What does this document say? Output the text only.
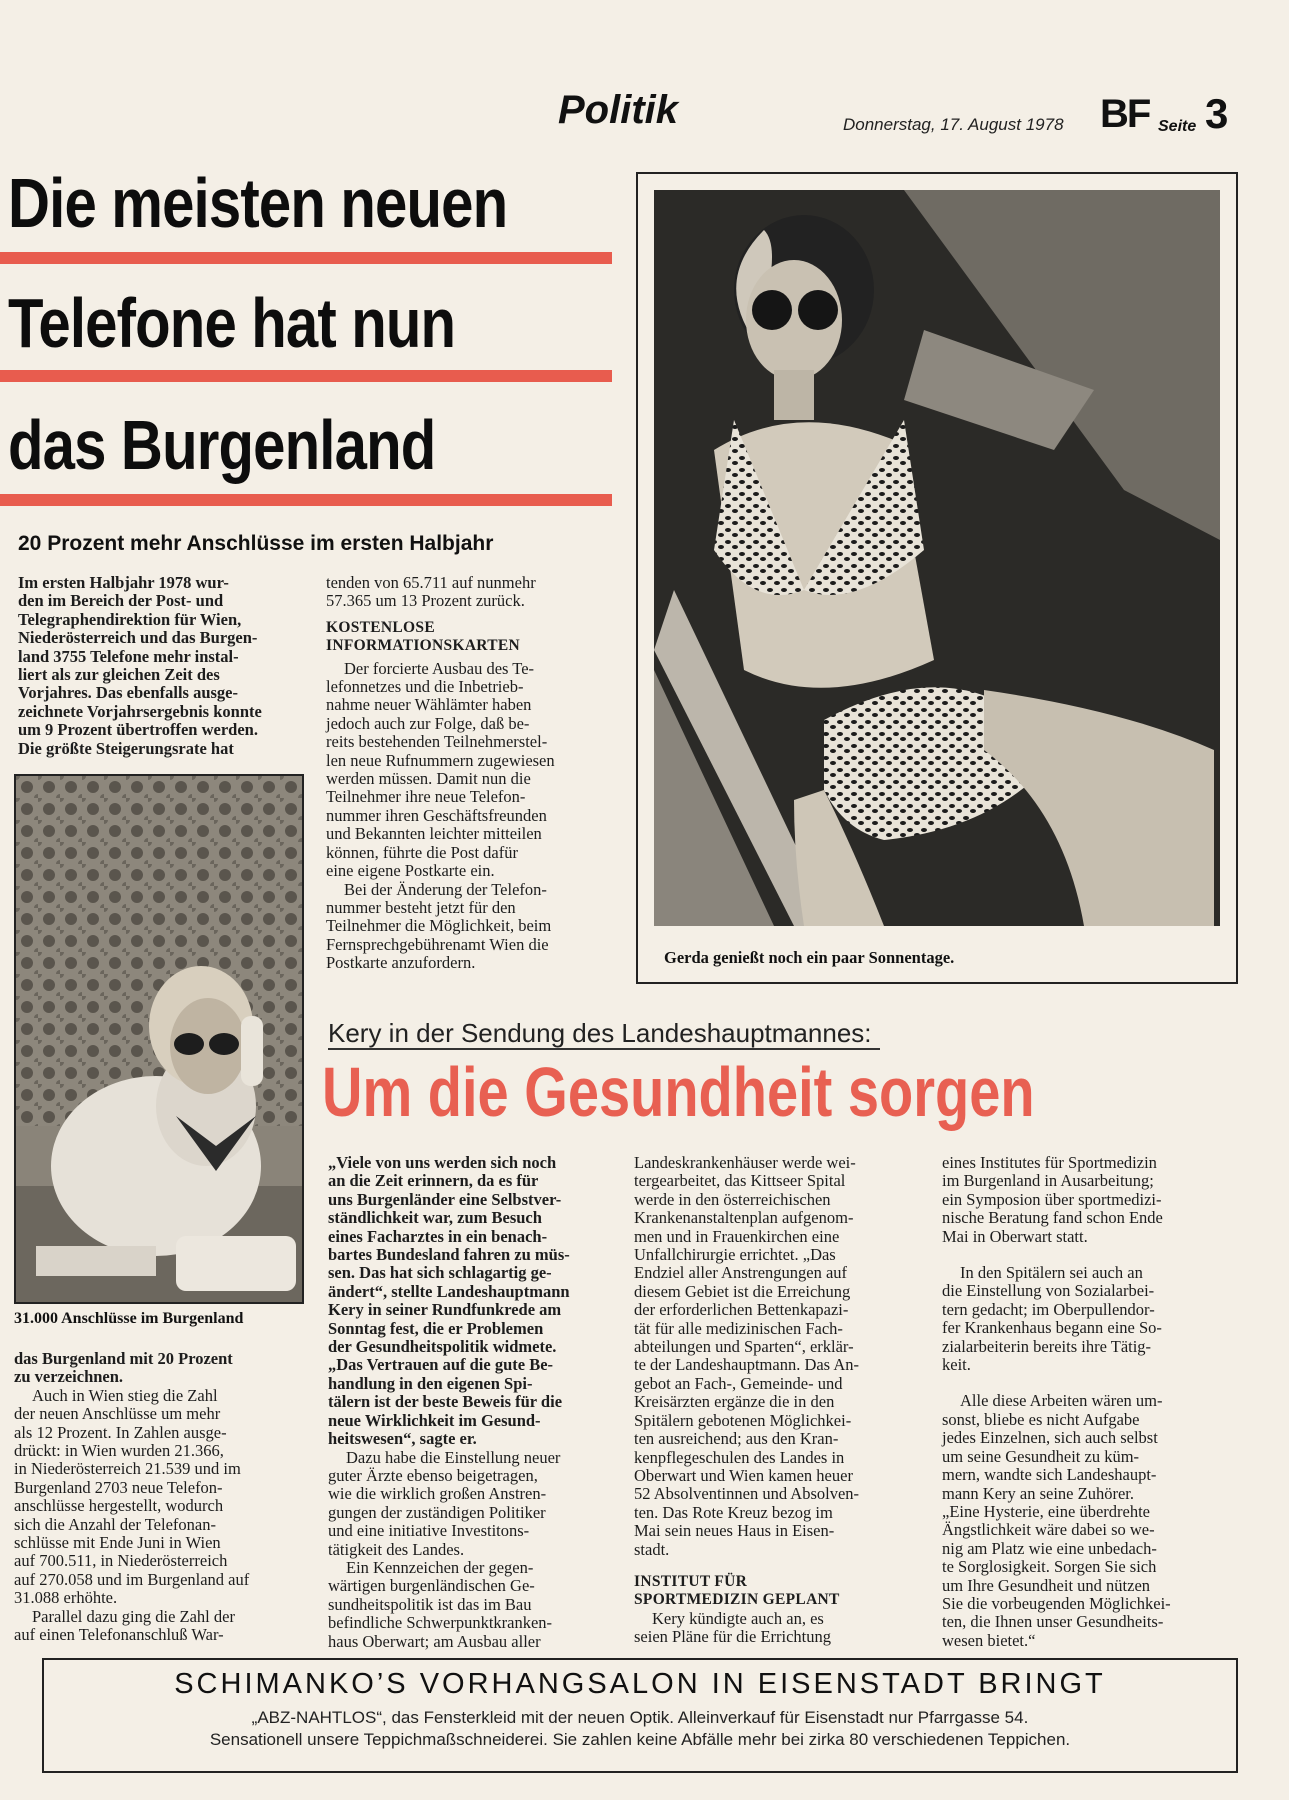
Politik	Donnerstag, 17. August 1978 BF Seite 3
Die meisten neuen
Telefone hat nun
das Burgenland
20 Prozent mehr Anschlüsse im ersten Halbjahr

Im ersten Halbjahr 1978 wur-

den im Bereich der Post- und

Telegraphendirektion für Wien,

Niederösterreich und das Burgen-

land 3755 Telefone mehr instal-

liert als zur gleichen Zeit des

Vorjahres. Das ebenfalls ausge-

zeichnete Vorjahrsergebnis konnte

um 9 Prozent übertroffen werden.

Die größte Steigerungsrate hat

31.000 Anschlüsse im Burgenland

das Burgenland mit 20 Prozent

zu verzeichnen.

Auch in Wien stieg die Zahl

der neuen Anschlüsse um mehr

als 12 Prozent. In Zahlen ausge-

drückt: in Wien wurden 21.366,

in Niederösterreich 21.539 und im

Burgenland 2703 neue Telefon-

anschlüsse hergestellt, wodurch

sich die Anzahl der Telefonan-

schlüsse mit Ende Juni in Wien

auf 700.511, in Niederösterreich

auf 270.058 und im Burgenland auf

31.088 erhöhte.

Parallel dazu ging die Zahl der

auf einen Telefonanschluß War-

tenden von 65.711 auf nunmehr

57.365 um 13 Prozent zurück.

KOSTENLOSE

INFORMATIONSKARTEN

Der forcierte Ausbau des Te-

lefonnetzes und die Inbetrieb-

nahme neuer Wählämter haben

jedoch auch zur Folge, daß be-

reits bestehenden Teilnehmerstel-

len neue Rufnummern zugewiesen

werden müssen. Damit nun die

Teilnehmer ihre neue Telefon-

nummer ihren Geschäftsfreunden

und Bekannten leichter mitteilen

können, führte die Post dafür

eine eigene Postkarte ein.

Bei der Änderung der Telefon-

nummer besteht jetzt für den

Teilnehmer die Möglichkeit, beim

Fernsprechgebührenamt Wien die

Postkarte anzufordern.	Gerda genießt noch ein paar Sonnentage.
Kery in der Sendung des Landeshauptmannes:
Um die Gesundheit sorgen

„Viele von uns werden sich noch

an die Zeit erinnern, da es für

uns Burgenländer eine Selbstver-

ständlichkeit war, zum Besuch

eines Facharztes in ein benach-

bartes Bundesland fahren zu müs-

sen. Das hat sich schlagartig ge-

ändert“, stellte Landeshauptmann

Kery in seiner Rundfunkrede am

Sonntag fest, die er Problemen

der Gesundheitspolitik widmete.

„Das Vertrauen auf die gute Be-

handlung in den eigenen Spi-

tälern ist der beste Beweis für die

neue Wirklichkeit im Gesund-

heitswesen“, sagte er.

Dazu habe die Einstellung neuer

guter Ärzte ebenso beigetragen,

wie die wirklich großen Anstren-

gungen der zuständigen Politiker

und eine initiative Investitons-

tätigkeit des Landes.

Ein Kennzeichen der gegen-

wärtigen burgenländischen Ge-

sundheitspolitik ist das im Bau

befindliche Schwerpunktkranken-

haus Oberwart; am Ausbau aller

Landeskrankenhäuser werde wei-

tergearbeitet, das Kittseer Spital

werde in den österreichischen

Krankenanstaltenplan aufgenom-

men und in Frauenkirchen eine

Unfallchirurgie errichtet. „Das

Endziel aller Anstrengungen auf

diesem Gebiet ist die Erreichung

der erforderlichen Bettenkapazi-

tät für alle medizinischen Fach-

abteilungen und Sparten“, erklär-

te der Landeshauptmann. Das An-

gebot an Fach-, Gemeinde- und

Kreisärzten ergänze die in den

Spitälern gebotenen Möglichkei-

ten ausreichend; aus den Kran-

kenpflegeschulen des Landes in

Oberwart und Wien kamen heuer

52 Absolventinnen und Absolven-

ten. Das Rote Kreuz bezog im

Mai sein neues Haus in Eisen-

stadt.

INSTITUT FÜR

SPORTMEDIZIN GEPLANT

Kery kündigte auch an, es

seien Pläne für die Errichtung

eines Institutes für Sportmedizin

im Burgenland in Ausarbeitung;

ein Symposion über sportmedizi-

nische Beratung fand schon Ende

Mai in Oberwart statt.

In den Spitälern sei auch an

die Einstellung von Sozialarbei-

tern gedacht; im Oberpullendor-

fer Krankenhaus begann eine So-

zialarbeiterin bereits ihre Tätig-

keit.

Alle diese Arbeiten wären um-

sonst, bliebe es nicht Aufgabe

jedes Einzelnen, sich auch selbst

um seine Gesundheit zu küm-

mern, wandte sich Landeshaupt-

mann Kery an seine Zuhörer.

„Eine Hysterie, eine überdrehte

Ängstlichkeit wäre dabei so we-

nig am Platz wie eine unbedach-

te Sorglosigkeit. Sorgen Sie sich

um Ihre Gesundheit und nützen

Sie die vorbeugenden Möglichkei-

ten, die Ihnen unser Gesundheits-

wesen bietet.“

SCHIMANKO’S VORHANGSALON IN EISENSTADT BRINGT
„ABZ-NAHTLOS“, das Fensterkleid mit der neuen Optik. Alleinverkauf für Eisenstadt nur Pfarrgasse 54.
Sensationell unsere Teppichmaßschneiderei. Sie zahlen keine Abfälle mehr bei zirka 80 verschiedenen Teppichen.
